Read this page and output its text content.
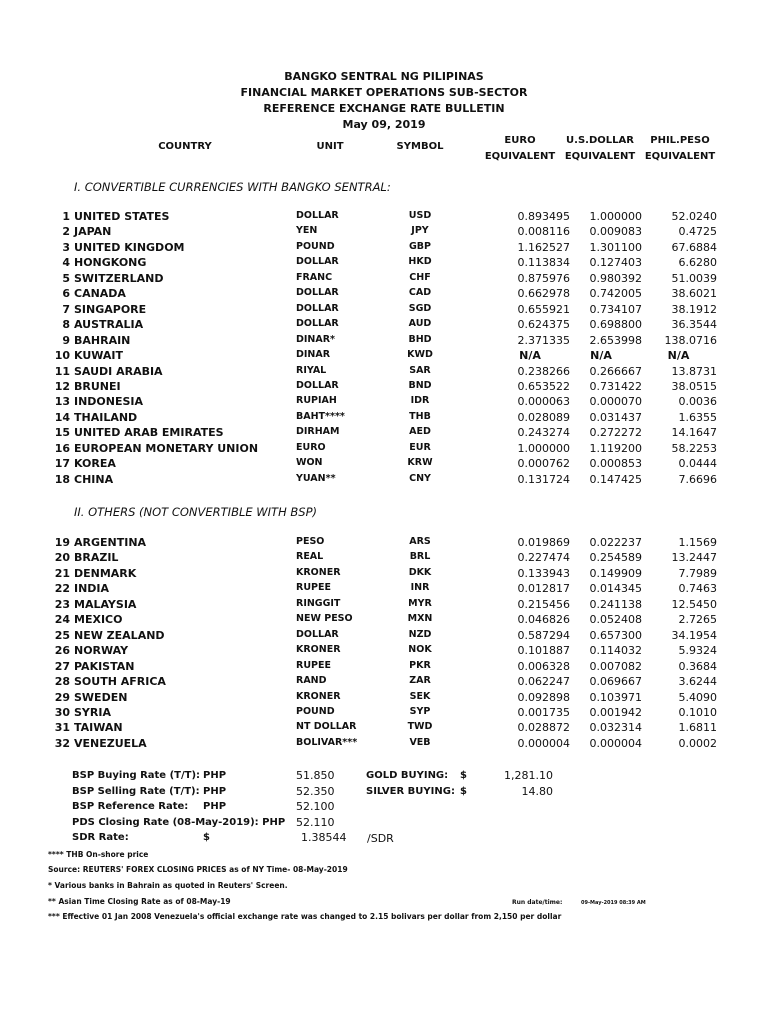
BANGKO SENTRAL NG PILIPINAS
FINANCIAL MARKET OPERATIONS SUB-SECTOR
REFERENCE EXCHANGE RATE BULLETIN
May 09, 2019
COUNTRY	UNIT	SYMBOL
EURO
EQUIVALENT
U.S.DOLLAR
EQUIVALENT
PHIL.PESO
EQUIVALENT
I. CONVERTIBLE CURRENCIES WITH BANGKO SENTRAL:
1 UNITED STATES	DOLLAR	USD	0.893495	1.000000	52.0240
2 JAPAN	YEN	JPY	0.008116	0.009083	0.4725
3 UNITED KINGDOM	POUND	GBP	1.162527	1.301100	67.6884
4 HONGKONG	DOLLAR	HKD	0.113834	0.127403	6.6280
5 SWITZERLAND	FRANC	CHF	0.875976	0.980392	51.0039
6 CANADA	DOLLAR	CAD	0.662978	0.742005	38.6021
7 SINGAPORE	DOLLAR	SGD	0.655921	0.734107	38.1912
8 AUSTRALIA	DOLLAR	AUD	0.624375	0.698800	36.3544
9 BAHRAIN	DINAR*	BHD	2.371335	2.653998	138.0716
10 KUWAIT	DINAR	KWD	N/A	N/A	N/A
11 SAUDI ARABIA	RIYAL	SAR	0.238266	0.266667	13.8731
12 BRUNEI	DOLLAR	BND	0.653522	0.731422	38.0515
13 INDONESIA	RUPIAH	IDR	0.000063	0.000070	0.0036
14 THAILAND	BAHT****	THB	0.028089	0.031437	1.6355
15 UNITED ARAB EMIRATES	DIRHAM	AED	0.243274	0.272272	14.1647
16 EUROPEAN MONETARY UNION	EURO	EUR	1.000000	1.119200	58.2253
17 KOREA	WON	KRW	0.000762	0.000853	0.0444
18 CHINA	YUAN**	CNY	0.131724	0.147425	7.6696
II. OTHERS (NOT CONVERTIBLE WITH BSP)
19 ARGENTINA	PESO	ARS	0.019869	0.022237	1.1569
20 BRAZIL	REAL	BRL	0.227474	0.254589	13.2447
21 DENMARK	KRONER	DKK	0.133943	0.149909	7.7989
22 INDIA	RUPEE	INR	0.012817	0.014345	0.7463
23 MALAYSIA	RINGGIT	MYR	0.215456	0.241138	12.5450
24 MEXICO	NEW PESO	MXN	0.046826	0.052408	2.7265
25 NEW ZEALAND	DOLLAR	NZD	0.587294	0.657300	34.1954
26 NORWAY	KRONER	NOK	0.101887	0.114032	5.9324
27 PAKISTAN	RUPEE	PKR	0.006328	0.007082	0.3684
28 SOUTH AFRICA	RAND	ZAR	0.062247	0.069667	3.6244
29 SWEDEN	KRONER	SEK	0.092898	0.103971	5.4090
30 SYRIA	POUND	SYP	0.001735	0.001942	0.1010
31 TAIWAN	NT DOLLAR	TWD	0.028872	0.032314	1.6811
32 VENEZUELA	BOLIVAR***	VEB	0.000004	0.000004	0.0002
BSP Buying Rate (T/T): PHP	51.850
BSP Selling Rate (T/T): PHP	52.350
BSP Reference Rate: PHP	52.100
PDS Closing Rate (08-May-2019): PHP 52.110
SDR Rate:	$	1.38544 /SDR
GOLD BUYING: $	1,281.10
SILVER BUYING: $	14.80
**** THB On-shore price
Source: REUTERS' FOREX CLOSING PRICES as of NY Time- 08-May-2019
* Various banks in Bahrain as quoted in Reuters' Screen.
** Asian Time Closing Rate as of 08-May-19	Run date/time:	09-May-2019 08:39 AM
*** Effective 01 Jan 2008 Venezuela's official exchange rate was changed to 2.15 bolivars per dollar from 2,150 per dollar
